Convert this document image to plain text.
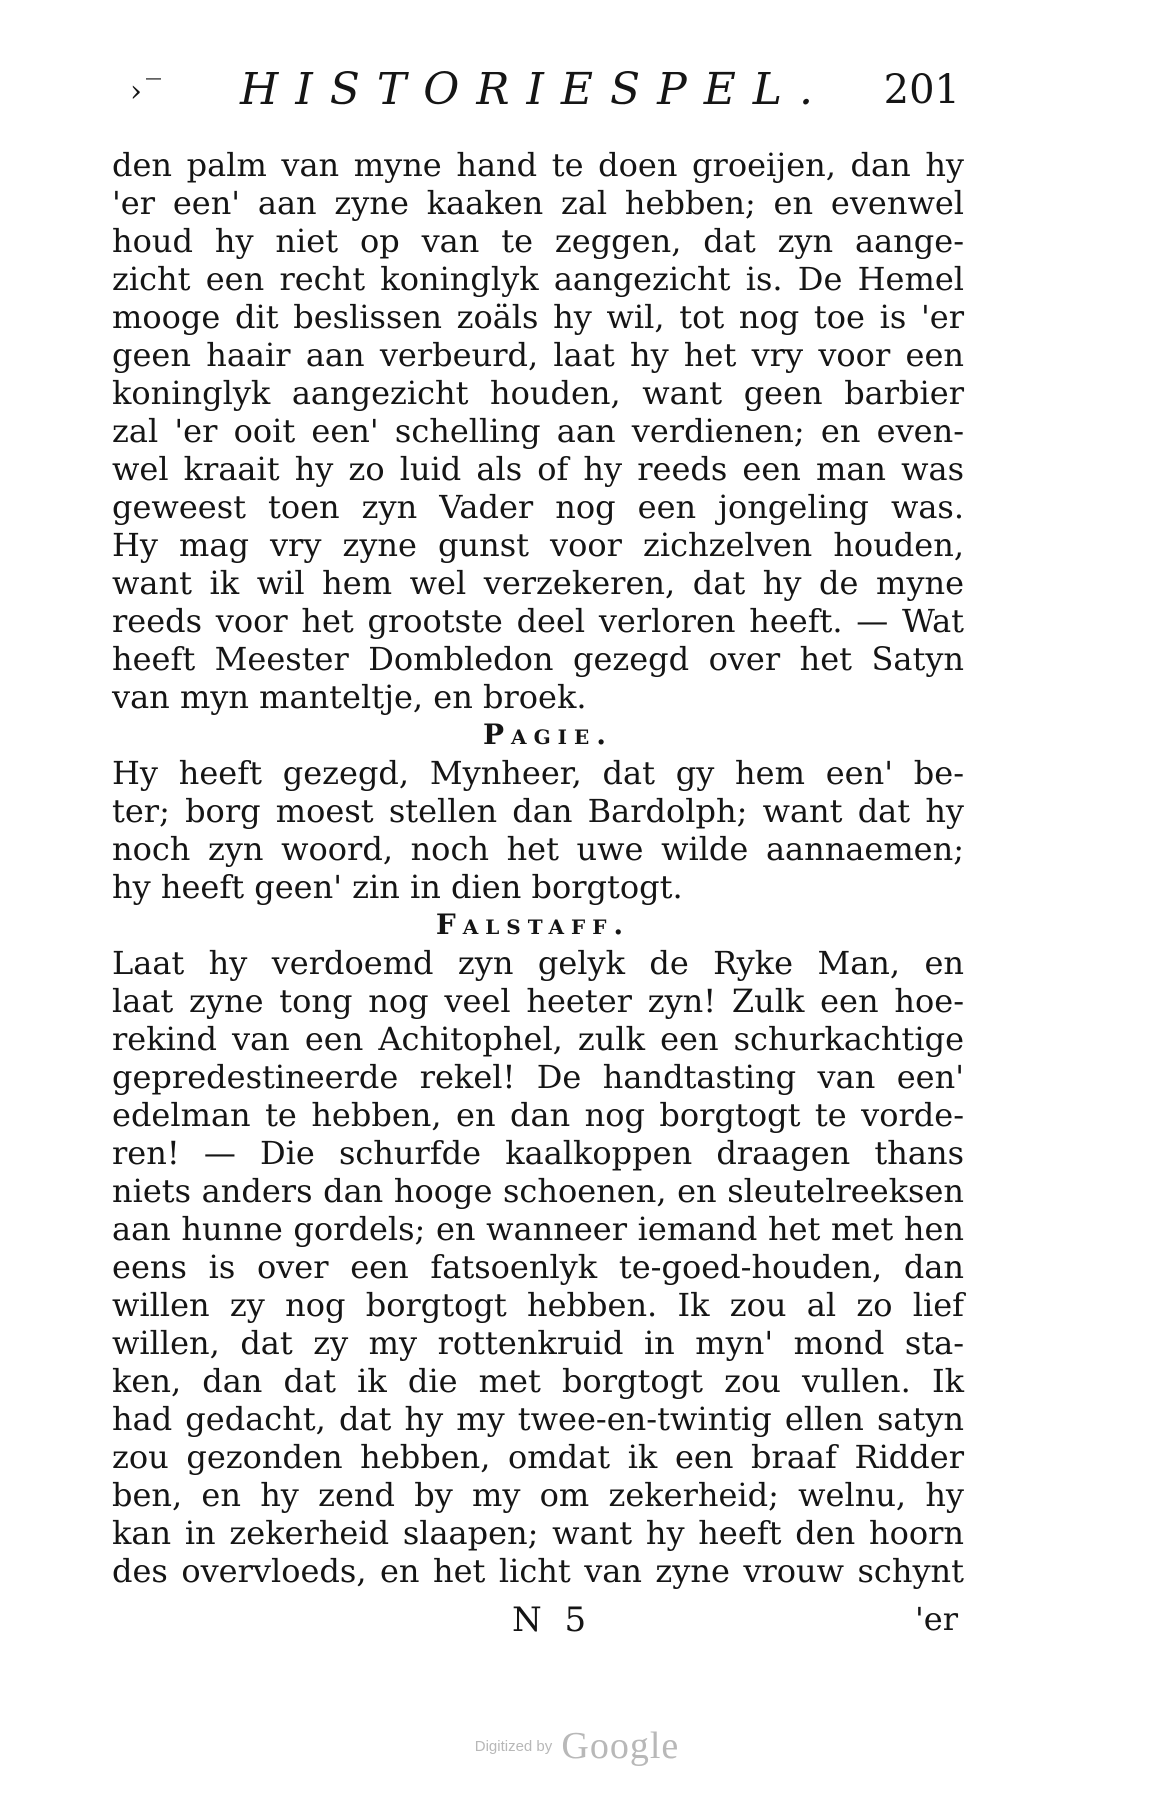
›‾ HISTORIESPEL. 201
den palm van myne hand te doen groeijen, dan hy
'er een' aan zyne kaaken zal hebben; en evenwel
houd hy niet op van te zeggen, dat zyn aange-
zicht een recht koninglyk aangezicht is. De Hemel
mooge dit beslissen zoäls hy wil, tot nog toe is 'er
geen haair aan verbeurd, laat hy het vry voor een
koninglyk aangezicht houden, want geen barbier
zal 'er ooit een' schelling aan verdienen; en even-
wel kraait hy zo luid als of hy reeds een man was
geweest toen zyn Vader nog een jongeling was.
Hy mag vry zyne gunst voor zichzelven houden,
want ik wil hem wel verzekeren, dat hy de myne
reeds voor het grootste deel verloren heeft. — Wat
heeft Meester Dombledon gezegd over het Satyn
van myn manteltje, en broek.
Pagie.
Hy heeft gezegd, Mynheer, dat gy hem een' be-
ter; borg moest stellen dan Bardolph; want dat hy
noch zyn woord, noch het uwe wilde aannaemen;
hy heeft geen' zin in dien borgtogt.
Falstaff.
Laat hy verdoemd zyn gelyk de Ryke Man, en
laat zyne tong nog veel heeter zyn! Zulk een hoe-
rekind van een Achitophel, zulk een schurkachtige
gepredestineerde rekel! De handtasting van een'
edelman te hebben, en dan nog borgtogt te vorde-
ren! — Die schurfde kaalkoppen draagen thans
niets anders dan hooge schoenen, en sleutelreeksen
aan hunne gordels; en wanneer iemand het met hen
eens is over een fatsoenlyk te-goed-houden, dan
willen zy nog borgtogt hebben. Ik zou al zo lief
willen, dat zy my rottenkruid in myn' mond sta-
ken, dan dat ik die met borgtogt zou vullen. Ik
had gedacht, dat hy my twee-en-twintig ellen satyn
zou gezonden hebben, omdat ik een braaf Ridder
ben, en hy zend by my om zekerheid; welnu, hy
kan in zekerheid slaapen; want hy heeft den hoorn
des overvloeds, en het licht van zyne vrouw schynt
N 5	'er
Digitized by Google
